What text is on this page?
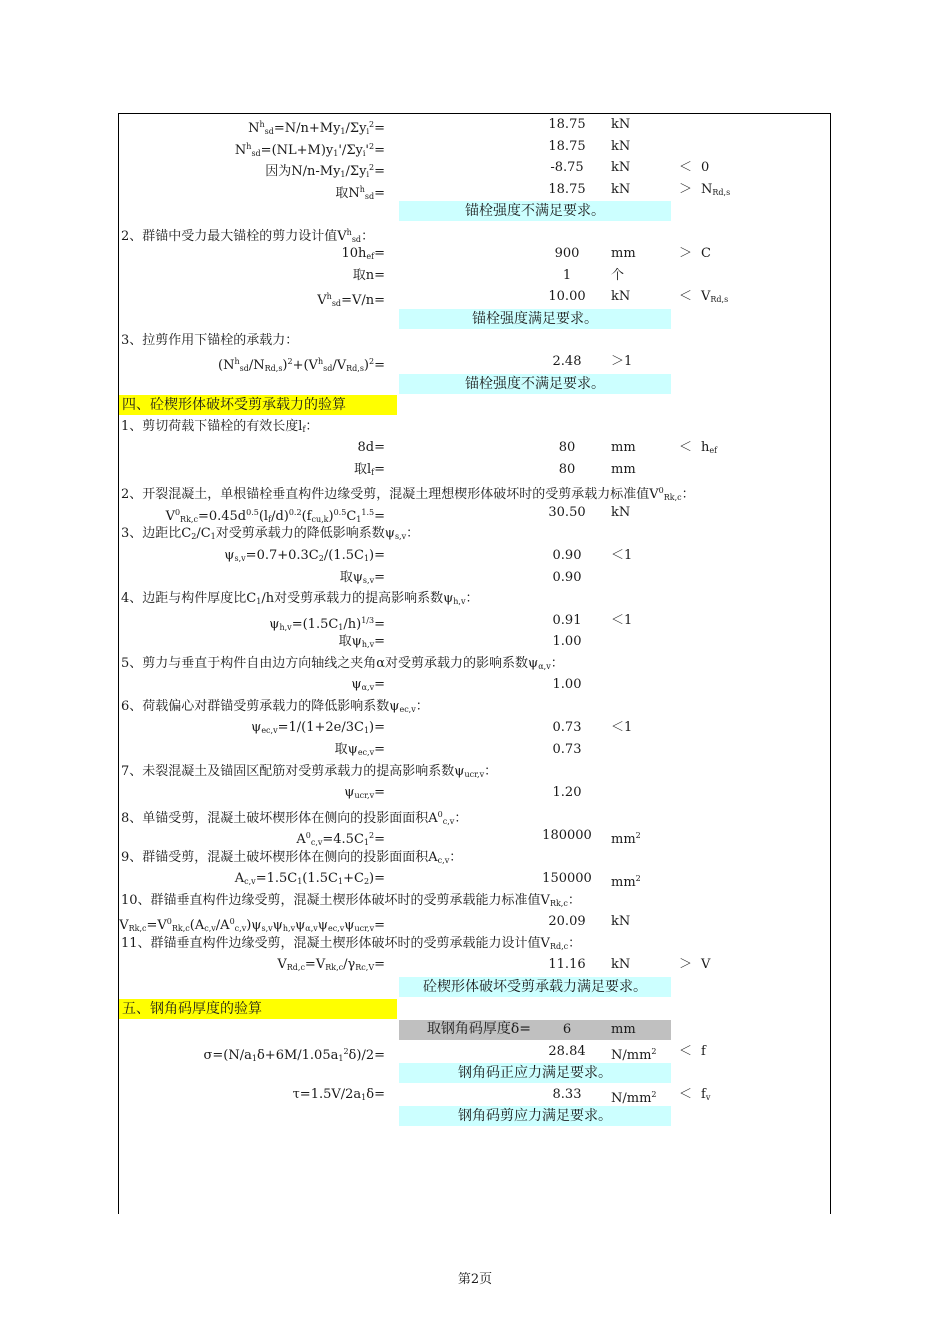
$N^h_{sd}=N/n+My_1/\Sigma y_i^2=$	18.75	kN
$N^h_{sd}=(NL+M)y_1'/\Sigma y_i'^2=$	18.75	kN
因为$N/n-My_1/\Sigma y_i^2=$	-8.75	kN	＜ 0
取$N^h_{sd}=$	18.75	kN	＞ $N_{Rd,s}$
锚栓强度不满足要求。
2、群锚中受力最大锚栓的剪力设计值$V^h_{sd}$：
$10h_{ef}=$	900	mm	＞ C
取n=	1	个
$V^h_{sd}=V/n=$	10.00	kN	＜ $V_{Rd,s}$
锚栓强度满足要求。
3、拉剪作用下锚栓的承载力：
$(N^h_{sd}/N_{Rd,s})^2+(V^h_{sd}/V_{Rd,s})^2=$	2.48	＞1
锚栓强度不满足要求。
四、砼楔形体破坏受剪承载力的验算
1、剪切荷载下锚栓的有效长度$l_f$：
8d=	80	mm	＜ $h_{ef}$
取$l_f=$	80	mm
2、开裂混凝土，单根锚栓垂直构件边缘受剪，混凝土理想楔形体破坏时的受剪承载力标准值$V^0_{Rk,c}$：
$V^0_{Rk,c}=0.45d^{0.5}(l_f/d)^{0.2}(f_{cu,k})^{0.5}C_1^{1.5}=$	30.50	kN
3、边距比$C_2/C_1$对受剪承载力的降低影响系数$\psi_{s,v}$：
$\psi_{s,v}=0.7+0.3C_2/(1.5C_1)=$	0.90	＜1
取$\psi_{s,v}=$	0.90
4、边距与构件厚度比$C_1/h$对受剪承载力的提高影响系数$\psi_{h,v}$：
$\psi_{h,v}=(1.5C_1/h)^{1/3}=$	0.91	＜1
取$\psi_{h,v}=$	1.00
5、剪力与垂直于构件自由边方向轴线之夹角α对受剪承载力的影响系数$\psi_{\alpha,v}$：
$\psi_{\alpha,v}=$	1.00
6、荷载偏心对群锚受剪承载力的降低影响系数$\psi_{ec,v}$：
$\psi_{ec,v}=1/(1+2e/3C_1)=$	0.73	＜1
取$\psi_{ec,v}=$	0.73
7、未裂混凝土及锚固区配筋对受剪承载力的提高影响系数$\psi_{ucr,v}$：
$\psi_{ucr,v}=$	1.20
8、单锚受剪，混凝土破坏楔形体在侧向的投影面面积$A^0_{c,v}$：
$A^0_{c,v}=4.5C_1^2=$	180000	$mm^2$
9、群锚受剪，混凝土破坏楔形体在侧向的投影面面积$A_{c,v}$：
$A_{c,v}=1.5C_1(1.5C_1+C_2)=$	150000	$mm^2$
10、群锚垂直构件边缘受剪，混凝土楔形体破坏时的受剪承载能力标准值$V_{Rk,c}$：
$V_{Rk,c}=V^0_{Rk,c}(A_{c,v}/A^0_{c,v})\psi_{s,v}\psi_{h,v}\psi_{\alpha,v}\psi_{ec,v}\psi_{ucr,v}=$	20.09	kN
11、群锚垂直构件边缘受剪，混凝土楔形体破坏时的受剪承载能力设计值$V_{Rd,c}$：
$V_{Rd,c}=V_{Rk,c}/\gamma_{Rc,V}=$	11.16	kN	＞ V
砼楔形体破坏受剪承载力满足要求。
五、钢角码厚度的验算
取钢角码厚度δ=	6	mm
$\sigma=(N/a_1\delta+6M/1.05a_1^2\delta)/2=$	28.84	$N/mm^2 < f$
钢角码正应力满足要求。
$\tau=1.5V/2a_1\delta=$	8.33	$N/mm^2 < f_v$
钢角码剪应力满足要求。
第2页
